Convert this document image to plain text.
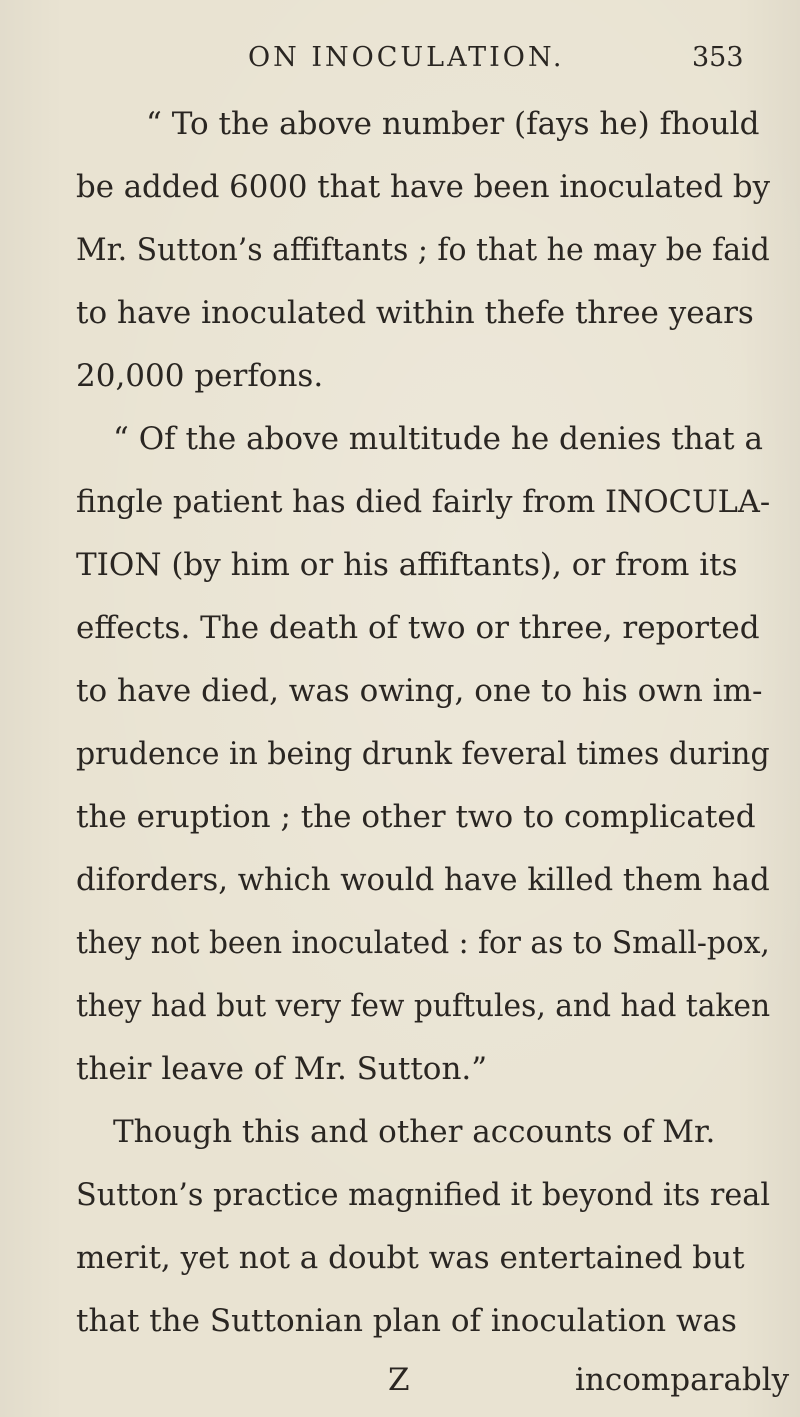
ON INOCULATION.	353
“ To the above number (fays he) fhould
be added 6000 that have been inoculated by
Mr. Sutton’s affiftants ; fo that he may be faid
to have inoculated within thefe three years
20,000 perfons.
“ Of the above multitude he denies that a
fingle patient has died fairly from INOCULA-
TION (by him or his affiftants), or from its
effects. The death of two or three, reported
to have died, was owing, one to his own im-
prudence in being drunk feveral times during
the eruption ; the other two to complicated
diforders, which would have killed them had
they not been inoculated : for as to Small-pox,
they had but very few puftules, and had taken
their leave of Mr. Sutton.”
Though this and other accounts of Mr.
Sutton’s practice magnified it beyond its real
merit, yet not a doubt was entertained but
that the Suttonian plan of inoculation was
Z	incomparably
